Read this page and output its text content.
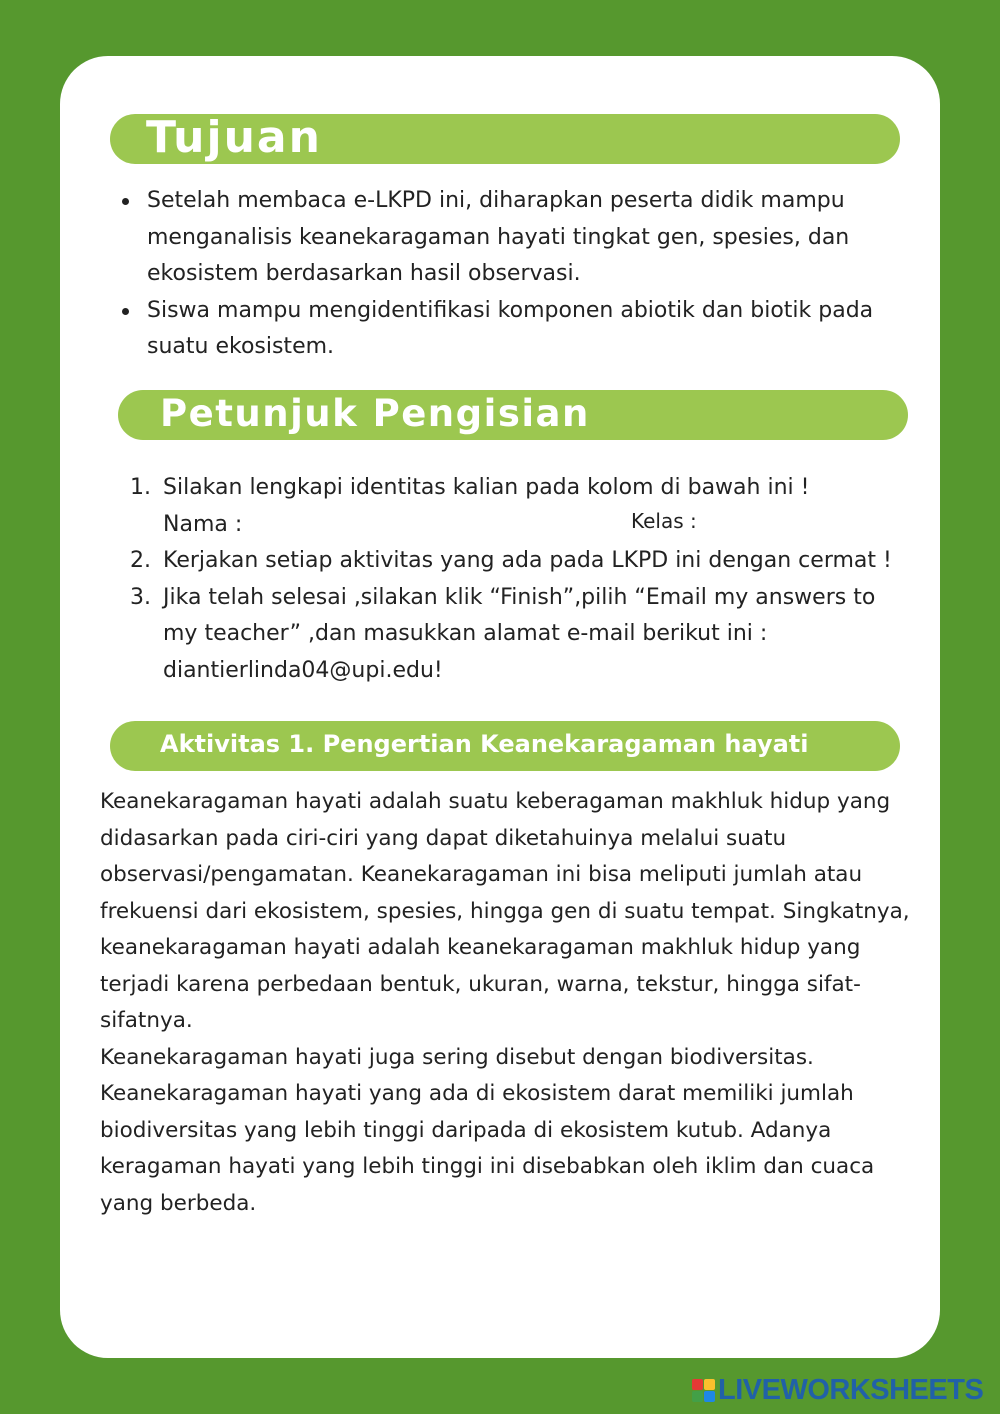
Tujuan
Setelah membaca e-LKPD ini, diharapkan peserta didik mampu menganalisis keanekaragaman hayati tingkat gen, spesies, dan ekosistem berdasarkan hasil observasi.
Siswa mampu mengidentifikasi komponen abiotik dan biotik pada suatu ekosistem.
Petunjuk Pengisian
1. Silakan lengkapi identitas kalian pada kolom di bawah ini !
Nama :	Kelas :
2. Kerjakan setiap aktivitas yang ada pada LKPD ini dengan cermat !
3. Jika telah selesai ,silakan klik “Finish”,pilih “Email my answers to my teacher” ,dan masukkan alamat e-mail berikut ini : diantierlinda04@upi.edu!
Aktivitas 1. Pengertian Keanekaragaman hayati

Keanekaragaman hayati adalah suatu keberagaman makhluk hidup yang didasarkan pada ciri-ciri yang dapat diketahuinya melalui suatu observasi/pengamatan. Keanekaragaman ini bisa meliputi jumlah atau frekuensi dari ekosistem, spesies, hingga gen di suatu tempat. Singkatnya, keanekaragaman hayati adalah keanekaragaman makhluk hidup yang terjadi karena perbedaan bentuk, ukuran, warna, tekstur, hingga sifat-sifatnya.

Keanekaragaman hayati juga sering disebut dengan biodiversitas. Keanekaragaman hayati yang ada di ekosistem darat memiliki jumlah biodiversitas yang lebih tinggi daripada di ekosistem kutub. Adanya keragaman hayati yang lebih tinggi ini disebabkan oleh iklim dan cuaca yang berbeda.

LIVEWORKSHEETS
